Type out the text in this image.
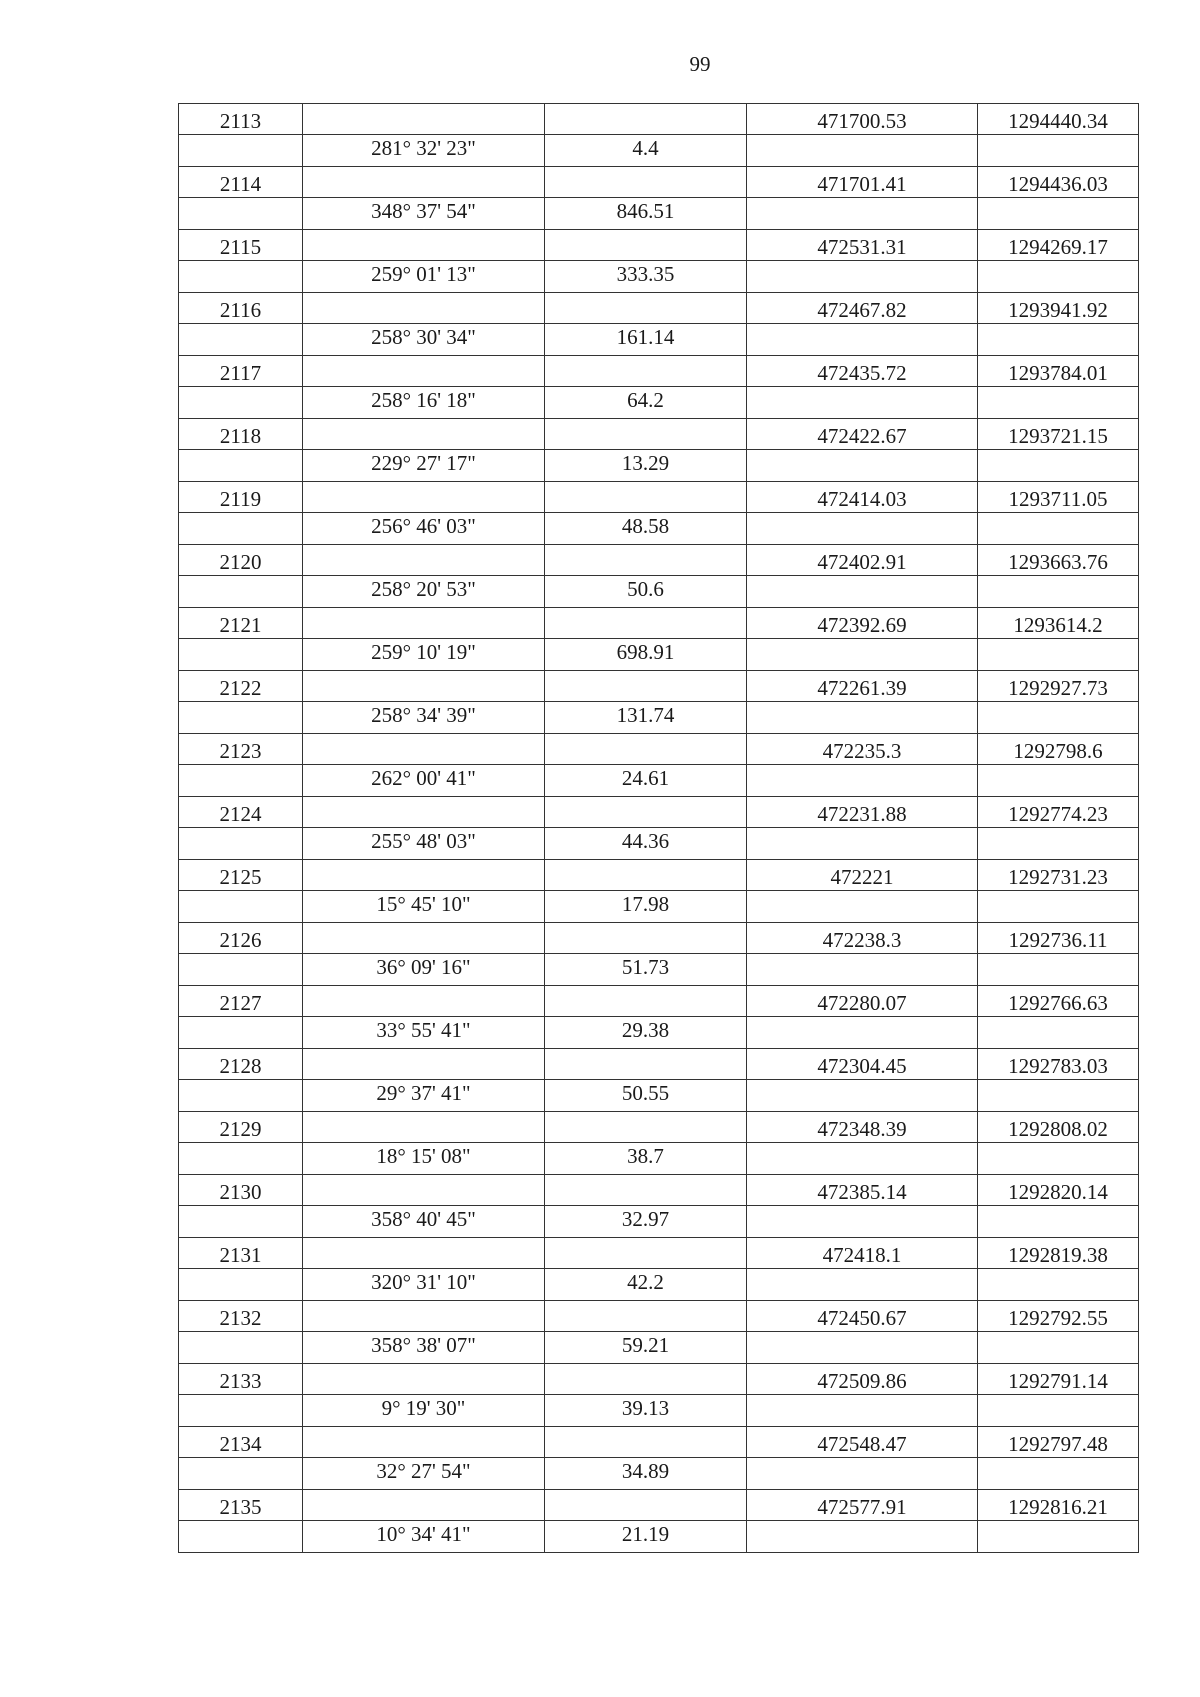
99
2113			471700.53	1294440.34
	281° 32' 23"	4.4		
2114			471701.41	1294436.03
	348° 37' 54"	846.51		
2115			472531.31	1294269.17
	259° 01' 13"	333.35		
2116			472467.82	1293941.92
	258° 30' 34"	161.14		
2117			472435.72	1293784.01
	258° 16' 18"	64.2		
2118			472422.67	1293721.15
	229° 27' 17"	13.29		
2119			472414.03	1293711.05
	256° 46' 03"	48.58		
2120			472402.91	1293663.76
	258° 20' 53"	50.6		
2121			472392.69	1293614.2
	259° 10' 19"	698.91		
2122			472261.39	1292927.73
	258° 34' 39"	131.74		
2123			472235.3	1292798.6
	262° 00' 41"	24.61		
2124			472231.88	1292774.23
	255° 48' 03"	44.36		
2125			472221	1292731.23
	15° 45' 10"	17.98		
2126			472238.3	1292736.11
	36° 09' 16"	51.73		
2127			472280.07	1292766.63
	33° 55' 41"	29.38		
2128			472304.45	1292783.03
	29° 37' 41"	50.55		
2129			472348.39	1292808.02
	18° 15' 08"	38.7		
2130			472385.14	1292820.14
	358° 40' 45"	32.97		
2131			472418.1	1292819.38
	320° 31' 10"	42.2		
2132			472450.67	1292792.55
	358° 38' 07"	59.21		
2133			472509.86	1292791.14
	9° 19' 30"	39.13		
2134			472548.47	1292797.48
	32° 27' 54"	34.89		
2135			472577.91	1292816.21
	10° 34' 41"	21.19		
